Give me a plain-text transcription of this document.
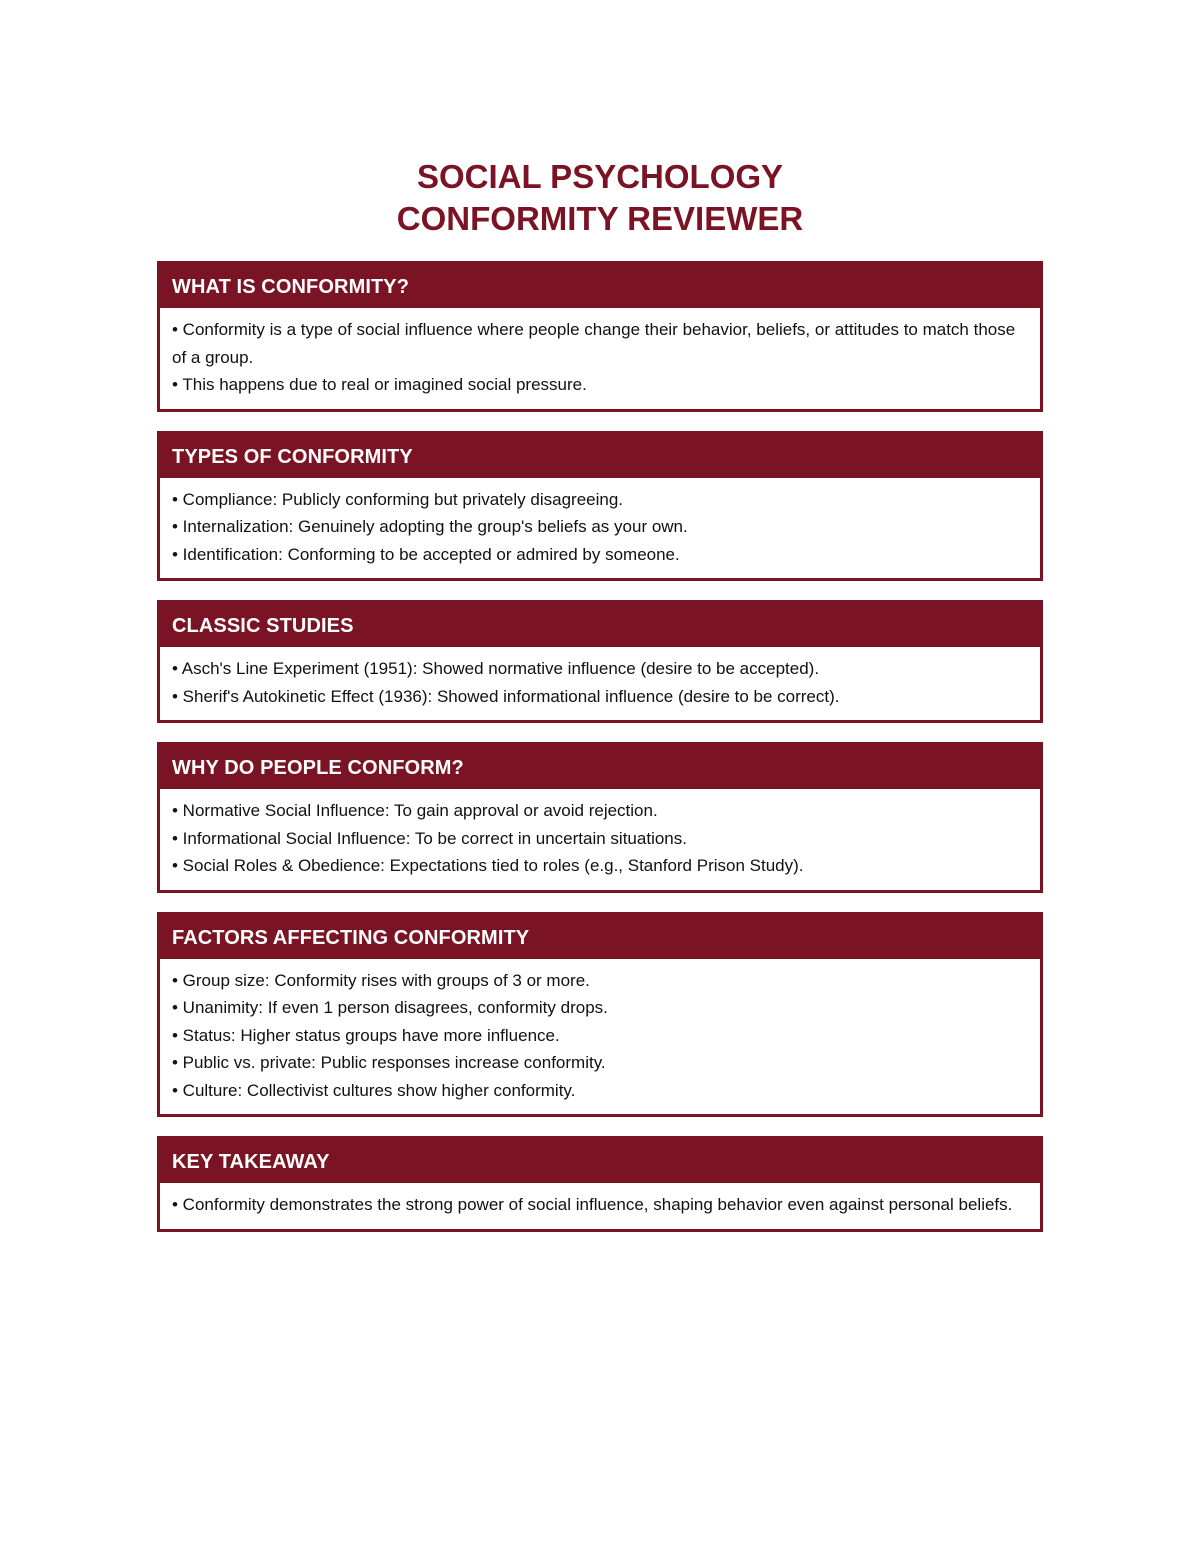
SOCIAL PSYCHOLOGY
CONFORMITY REVIEWER
WHAT IS CONFORMITY?

• Conformity is a type of social influence where people change their behavior, beliefs, or attitudes to match those of a group.

• This happens due to real or imagined social pressure.

TYPES OF CONFORMITY

• Compliance: Publicly conforming but privately disagreeing.

• Internalization: Genuinely adopting the group's beliefs as your own.

• Identification: Conforming to be accepted or admired by someone.

CLASSIC STUDIES

• Asch's Line Experiment (1951): Showed normative influence (desire to be accepted).

• Sherif's Autokinetic Effect (1936): Showed informational influence (desire to be correct).

WHY DO PEOPLE CONFORM?

• Normative Social Influence: To gain approval or avoid rejection.

• Informational Social Influence: To be correct in uncertain situations.

• Social Roles & Obedience: Expectations tied to roles (e.g., Stanford Prison Study).

FACTORS AFFECTING CONFORMITY

• Group size: Conformity rises with groups of 3 or more.

• Unanimity: If even 1 person disagrees, conformity drops.

• Status: Higher status groups have more influence.

• Public vs. private: Public responses increase conformity.

• Culture: Collectivist cultures show higher conformity.

KEY TAKEAWAY

• Conformity demonstrates the strong power of social influence, shaping behavior even against personal beliefs.
